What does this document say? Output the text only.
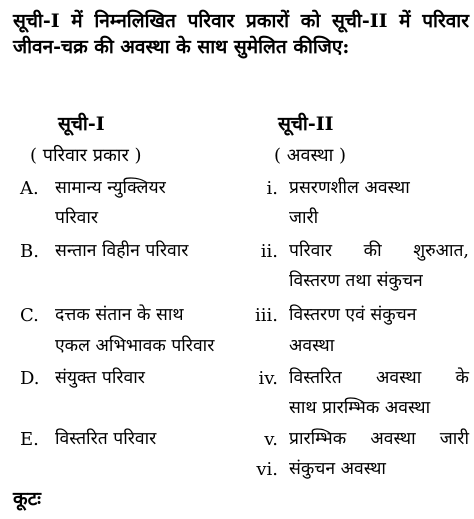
सूची-I में निम्नलिखित परिवार प्रकारों को सूची-II में परिवार जीवन-चक्र की अवस्था के साथ सुमेलित कीजिए:
सूची-I	सूची-II
( परिवार प्रकार )	( अवस्था )
A. सामान्य न्युक्लियर
परिवार
B. सन्तान विहीन परिवार
C. दत्तक संतान के साथ
एकल अभिभावक परिवार
D. संयुक्त परिवार
E. विस्तरित परिवार
i. प्रसरणशील अवस्था
जारी
ii. परिवार की शुरुआत,
विस्तरण तथा संकुचन
iii. विस्तरण एवं संकुचन
अवस्था
iv. विस्तरित अवस्था के
साथ प्रारम्भिक अवस्था
v. प्रारम्भिक अवस्था जारी
vi. संकुचन अवस्था
कूटः
